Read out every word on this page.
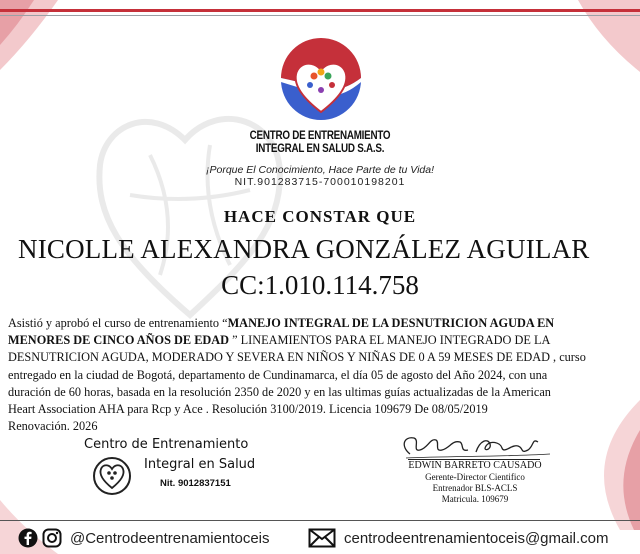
CENTRO DE ENTRENAMIENTO
INTEGRAL EN SALUD S.A.S.
¡Porque El Conocimiento, Hace Parte de tu Vida!
NIT.901283715-700010198201
HACE CONSTAR QUE
NICOLLE ALEXANDRA GONZÁLEZ AGUILAR
CC:1.010.114.758

Asistió y aprobó el curso de entrenamiento “MANEJO INTEGRAL DE LA DESNUTRICION AGUDA EN

MENORES DE CINCO AÑOS DE EDAD ” LINEAMIENTOS PARA EL MANEJO INTEGRADO DE LA

DESNUTRICION AGUDA, MODERADO Y SEVERA EN NIÑOS Y NIÑAS DE 0 A 59 MESES DE EDAD , curso

entregado en la ciudad de Bogotá, departamento de Cundinamarca, el día 05 de agosto del Año 2024, con una

duración de 60 horas, basada en la resolución 2350 de 2020 y en las ultimas guías actualizadas de la American

Heart Association AHA para Rcp y Ace . Resolución 3100/2019. Licencia 109679 De 08/05/2019

Renovación. 2026

Centro de Entrenamiento
Integral en Salud
Nit. 9012837151
EDWIN BARRETO CAUSADO
Gerente-Director Cientifico
Entrenador BLS-ACLS
Matricula. 109679
@Centrodeentrenamientoceis	centrodeentrenamientoceis@gmail.com
